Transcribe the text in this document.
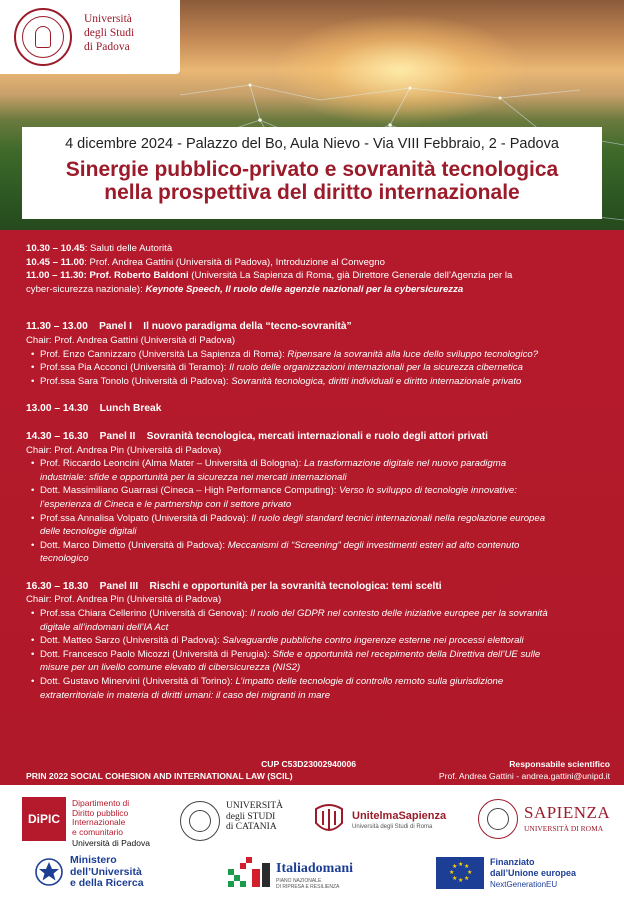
Università
degli Studi
di Padova
4 dicembre 2024 - Palazzo del Bo, Aula Nievo - Via VIII Febbraio, 2 - Padova
Sinergie pubblico-privato e sovranità tecnologica
nella prospettiva del diritto internazionale
10.30 – 10.45: Saluti delle Autorità
10.45 – 11.00: Prof. Andrea Gattini (Università di Padova), Introduzione al Convegno
11.00 – 11.30: Prof. Roberto Baldoni (Università La Sapienza di Roma, già Direttore Generale dell’Agenzia per la
cyber-sicurezza nazionale): Keynote Speech, Il ruolo delle agenzie nazionali per la cybersicurezza
11.30 – 13.00 Panel I Il nuovo paradigma della “tecno-sovranità”
Chair: Prof. Andrea Gattini (Università di Padova)
• Prof. Enzo Cannizzaro (Università La Sapienza di Roma): Ripensare la sovranità alla luce dello sviluppo tecnologico?
• Prof.ssa Pia Acconci (Università di Teramo): Il ruolo delle organizzazioni internazionali per la sicurezza cibernetica
• Prof.ssa Sara Tonolo (Università di Padova): Sovranità tecnologica, diritti individuali e diritto internazionale privato
13.00 – 14.30 Lunch Break
14.30 – 16.30 Panel II Sovranità tecnologica, mercati internazionali e ruolo degli attori privati
Chair: Prof. Andrea Pin (Università di Padova)
• Prof. Riccardo Leoncini (Alma Mater – Università di Bologna): La trasformazione digitale nel nuovo paradigma
industriale: sfide e opportunità per la sicurezza nei mercati internazionali
• Dott. Massimiliano Guarrasi (Cineca – High Performance Computing): Verso lo sviluppo di tecnologie innovative:
l’esperienza di Cineca e le partnership con il settore privato
• Prof.ssa Annalisa Volpato (Università di Padova): Il ruolo degli standard tecnici internazionali nella regolazione europea
delle tecnologie digitali
• Dott. Marco Dimetto (Università di Padova): Meccanismi di “Screening” degli investimenti esteri ad alto contenuto
tecnologico
16.30 – 18.30 Panel III Rischi e opportunità per la sovranità tecnologica: temi scelti
Chair: Prof. Andrea Pin (Università di Padova)
• Prof.ssa Chiara Cellerino (Università di Genova): Il ruolo del GDPR nel contesto delle iniziative europee per la sovranità
digitale all’indomani dell’IA Act
• Dott. Matteo Sarzo (Università di Padova): Salvaguardie pubbliche contro ingerenze esterne nei processi elettorali
• Dott. Francesco Paolo Micozzi (Università di Perugia): Sfide e opportunità nel recepimento della Direttiva dell’UE sulle
misure per un livello comune elevato di cibersicurezza (NIS2)
• Dott. Gustavo Minervini (Università di Torino): L’impatto delle tecnologie di controllo remoto sulla giurisdizione
extraterritoriale in materia di diritti umani: il caso dei migranti in mare
CUP C53D23002940006
PRIN 2022 SOCIAL COHESION AND INTERNATIONAL LAW (SCIL)
Responsabile scientifico
Prof. Andrea Gattini - andrea.gattini@unipd.it
DiPIC
Dipartimento di
Diritto pubblico
Internazionale
e comunitario
Università di Padova
UNIVERSITÀ
degli STUDI
di CATANIA
UnitelmaSapienza
Università degli Studi di Roma
SAPIENZA
UNIVERSITÀ DI ROMA
Ministero
dell’Università
e della Ricerca
Italiadomani
PIANO NAZIONALE
DI RIPRESA E RESILIENZA
★ ★
★
★
★
★
★
★	Finanziato
dall’Unione europea
NextGenerationEU
